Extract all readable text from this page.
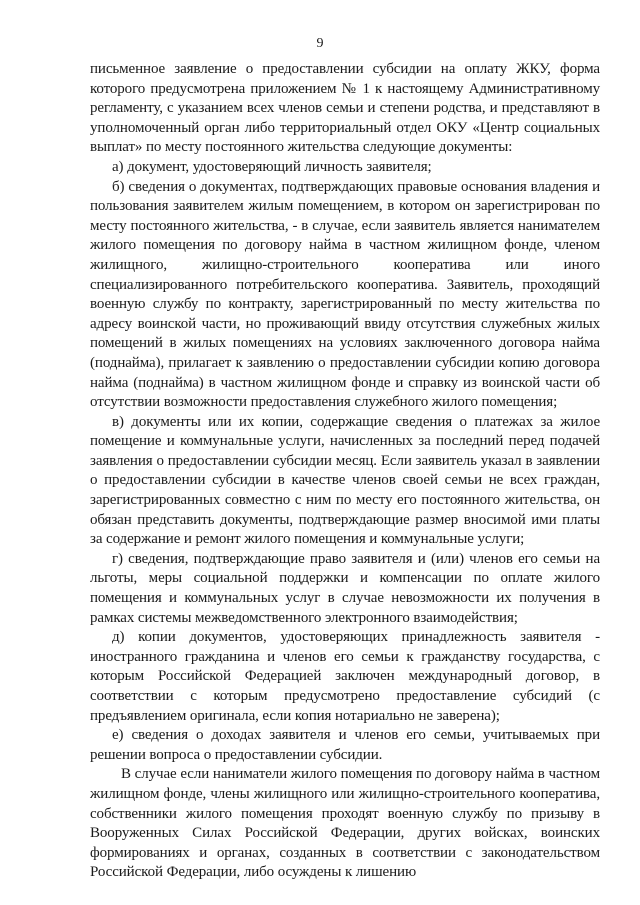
9

письменное заявление о предоставлении субсидии на оплату ЖКУ, форма которого предусмотрена приложением № 1 к настоящему Административному регламенту, с указанием всех членов семьи и степени родства, и представляют в уполномоченный орган либо территориальный отдел ОКУ «Центр социальных выплат» по месту постоянного жительства следующие документы:

а) документ, удостоверяющий личность заявителя;

б) сведения о документах, подтверждающих правовые основания владения и пользования заявителем жилым помещением, в котором он зарегистрирован по месту постоянного жительства, - в случае, если заявитель является нанимателем жилого помещения по договору найма в частном жилищном фонде, членом жилищного, жилищно-строительного кооператива или иного специализированного потребительского кооператива. Заявитель, проходящий военную службу по контракту, зарегистрированный по месту жительства по адресу воинской части, но проживающий ввиду отсутствия служебных жилых помещений в жилых помещениях на условиях заключенного договора найма (поднайма), прилагает к заявлению о предоставлении субсидии копию договора найма (поднайма) в частном жилищном фонде и справку из воинской части об отсутствии возможности предоставления служебного жилого помещения;

в) документы или их копии, содержащие сведения о платежах за жилое помещение и коммунальные услуги, начисленных за последний перед подачей заявления о предоставлении субсидии месяц. Если заявитель указал в заявлении о предоставлении субсидии в качестве членов своей семьи не всех граждан, зарегистрированных совместно с ним по месту его постоянного жительства, он обязан представить документы, подтверждающие размер вносимой ими платы за содержание и ремонт жилого помещения и коммунальные услуги;

г) сведения, подтверждающие право заявителя и (или) членов его семьи на льготы, меры социальной поддержки и компенсации по оплате жилого помещения и коммунальных услуг в случае невозможности их получения в рамках системы межведомственного электронного взаимодействия;

д) копии документов, удостоверяющих принадлежность заявителя - иностранного гражданина и членов его семьи к гражданству государства, с которым Российской Федерацией заключен международный договор, в соответствии с которым предусмотрено предоставление субсидий (с предъявлением оригинала, если копия нотариально не заверена);

е) сведения о доходах заявителя и членов его семьи, учитываемых при решении вопроса о предоставлении субсидии.

В случае если наниматели жилого помещения по договору найма в частном жилищном фонде, члены жилищного или жилищно-строительного кооператива, собственники жилого помещения проходят военную службу по призыву в Вооруженных Силах Российской Федерации, других войсках, воинских формированиях и органах, созданных в соответствии с законодательством Российской Федерации, либо осуждены к лишению
